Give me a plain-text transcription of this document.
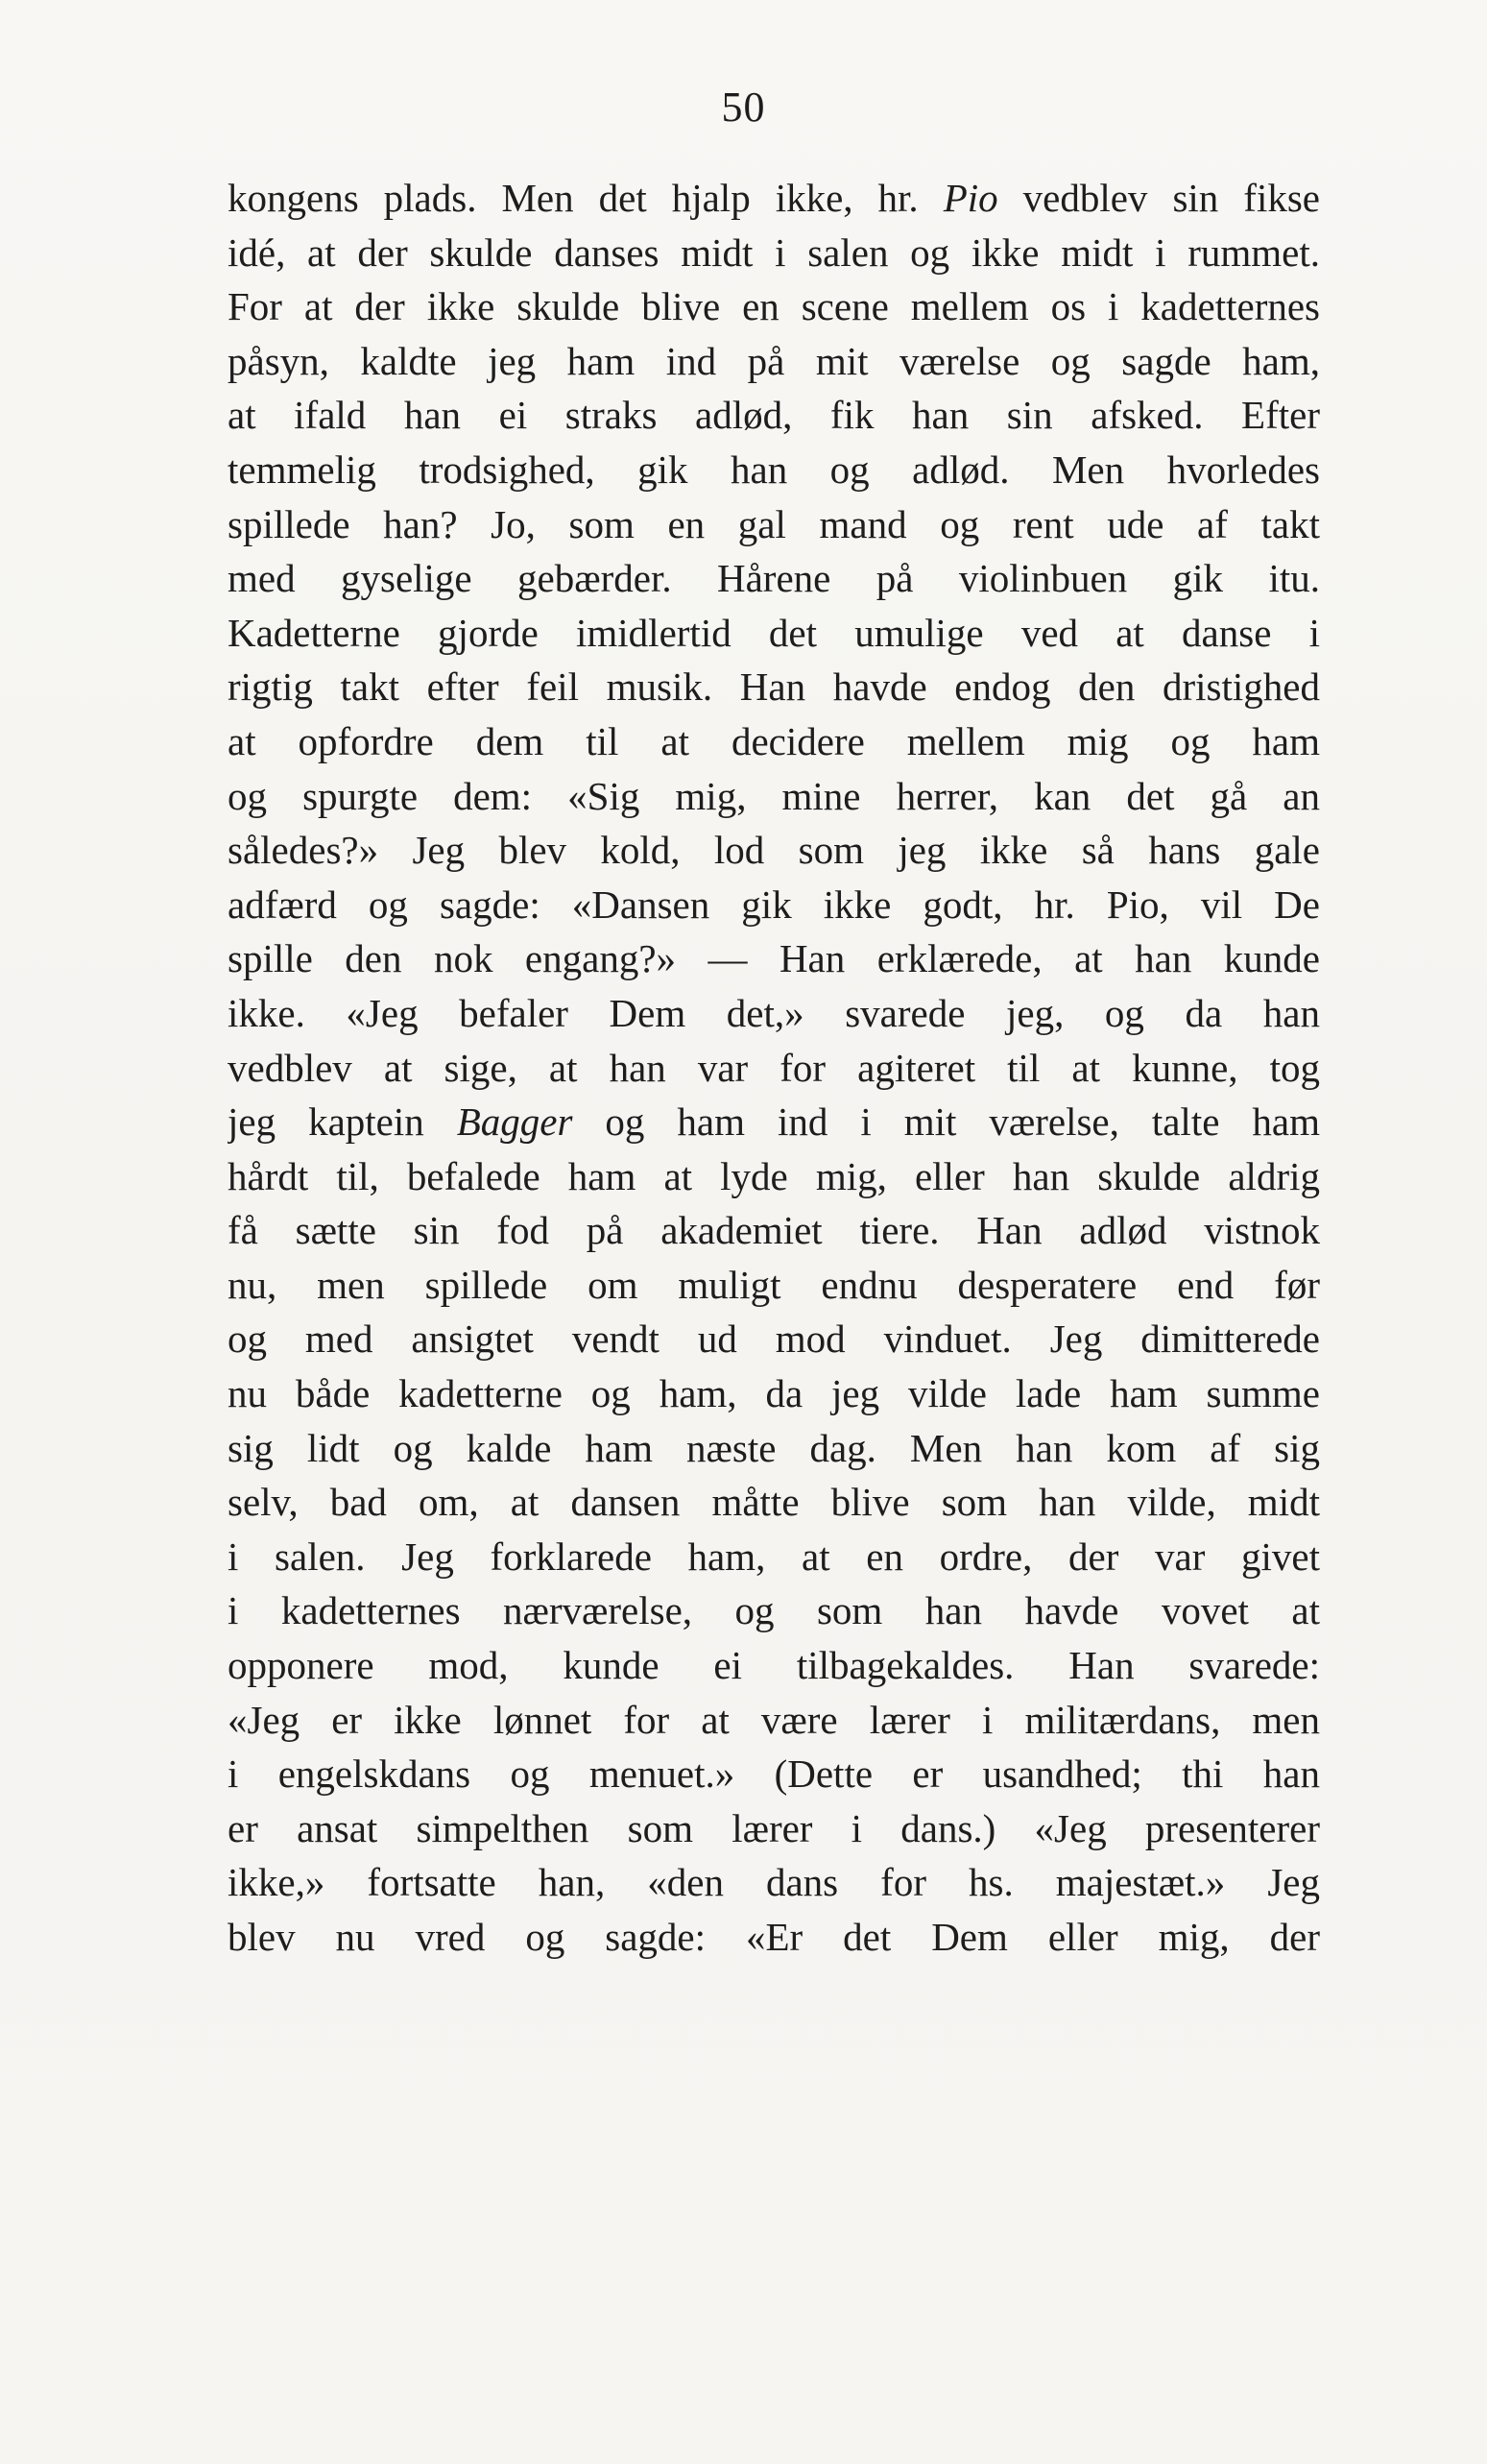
50
kongens plads. Men det hjalp ikke, hr. Pio vedblev sin fikse
idé, at der skulde danses midt i salen og ikke midt i rummet.
For at der ikke skulde blive en scene mellem os i kadetternes
påsyn, kaldte jeg ham ind på mit værelse og sagde ham,
at ifald han ei straks adlød, fik han sin afsked. Efter
temmelig trodsighed, gik han og adlød. Men hvorledes
spillede han? Jo, som en gal mand og rent ude af takt
med gyselige gebærder. Hårene på violinbuen gik itu.
Kadetterne gjorde imidlertid det umulige ved at danse i
rigtig takt efter feil musik. Han havde endog den dristighed
at opfordre dem til at decidere mellem mig og ham
og spurgte dem: «Sig mig, mine herrer, kan det gå an
således?» Jeg blev kold, lod som jeg ikke så hans gale
adfærd og sagde: «Dansen gik ikke godt, hr. Pio, vil De
spille den nok engang?» — Han erklærede, at han kunde
ikke. «Jeg befaler Dem det,» svarede jeg, og da han
vedblev at sige, at han var for agiteret til at kunne, tog
jeg kaptein Bagger og ham ind i mit værelse, talte ham
hårdt til, befalede ham at lyde mig, eller han skulde aldrig
få sætte sin fod på akademiet tiere. Han adlød vistnok
nu, men spillede om muligt endnu desperatere end før
og med ansigtet vendt ud mod vinduet. Jeg dimitterede
nu både kadetterne og ham, da jeg vilde lade ham summe
sig lidt og kalde ham næste dag. Men han kom af sig
selv, bad om, at dansen måtte blive som han vilde, midt
i salen. Jeg forklarede ham, at en ordre, der var givet
i kadetternes nærværelse, og som han havde vovet at
opponere mod, kunde ei tilbagekaldes. Han svarede:
«Jeg er ikke lønnet for at være lærer i militærdans, men
i engelskdans og menuet.» (Dette er usandhed; thi han
er ansat simpelthen som lærer i dans.) «Jeg presenterer
ikke,» fortsatte han, «den dans for hs. majestæt.» Jeg
blev nu vred og sagde: «Er det Dem eller mig, der
